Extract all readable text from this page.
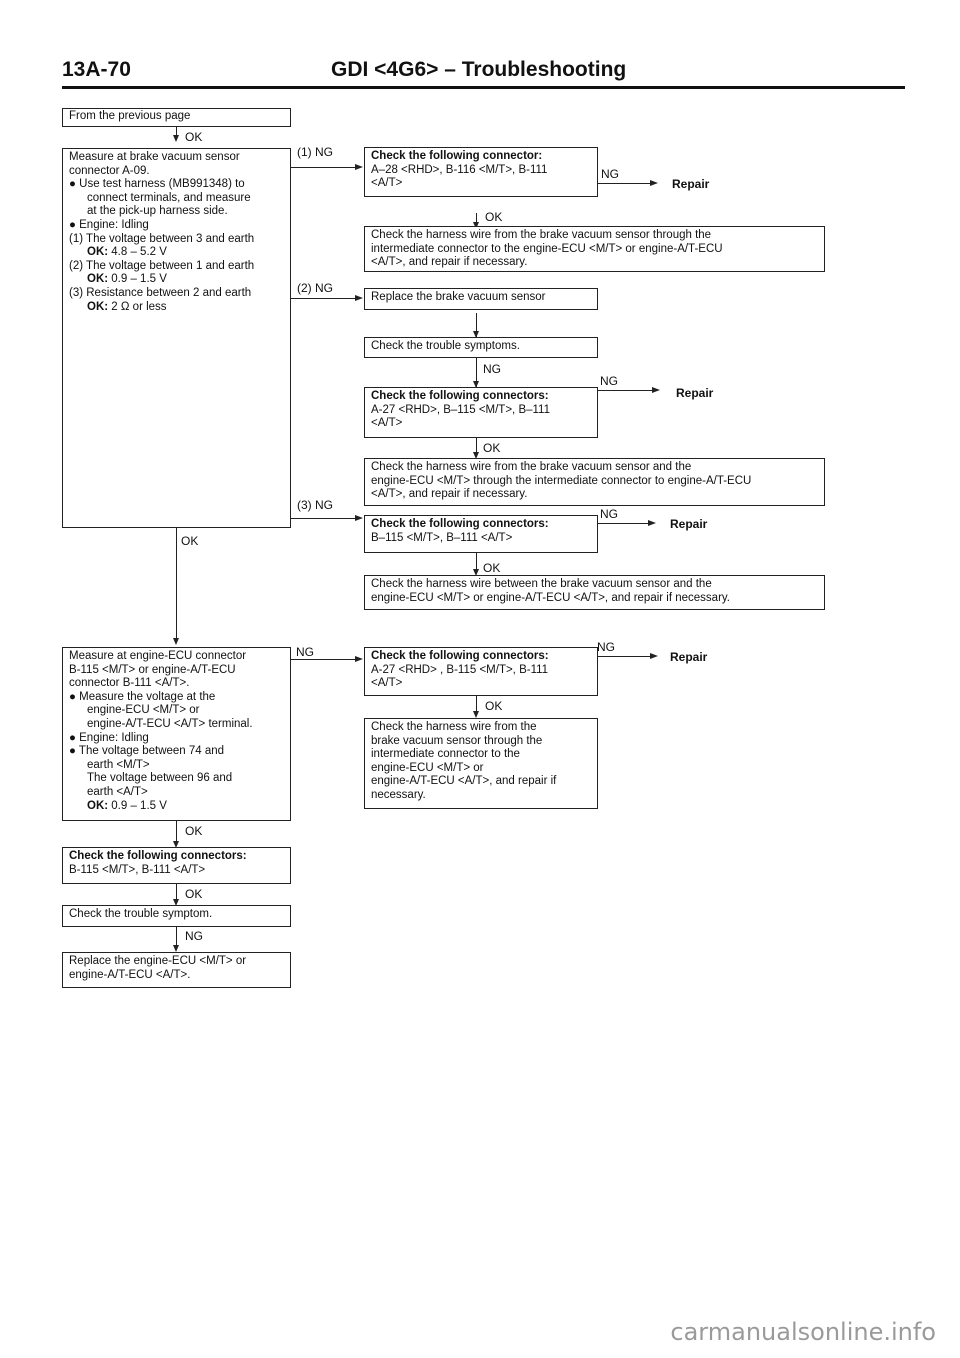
13A-70	GDI <4G6> – Troubleshooting
From the previous page
Measure at brake vacuum sensor
connector A-09.
● Use test harness (MB991348) to
connect terminals, and measure
at the pick-up harness side.
● Engine: Idling
(1) The voltage between 3 and earth
OK: 4.8 – 5.2 V
(2) The voltage between 1 and earth
OK: 0.9 – 1.5 V
(3) Resistance between 2 and earth
OK: 2 Ω or less
Check the following connector:
A–28 <RHD>, B-116 <M/T>, B-111
<A/T>
Check the harness wire from the brake vacuum sensor through the
intermediate connector to the engine-ECU <M/T> or engine-A/T-ECU
<A/T>, and repair if necessary.
Replace the brake vacuum sensor
Check the trouble symptoms.
Check the following connectors:
A-27 <RHD>, B–115 <M/T>, B–111
<A/T>
Check the harness wire from the brake vacuum sensor and the
engine-ECU <M/T> through the intermediate connector to engine-A/T-ECU
<A/T>, and repair if necessary.
Check the following connectors:
B–115 <M/T>, B–111 <A/T>
Check the harness wire between the brake vacuum sensor and the
engine-ECU <M/T> or engine-A/T-ECU <A/T>, and repair if necessary.
Measure at engine-ECU connector
B-115 <M/T> or engine-A/T-ECU
connector B-111 <A/T>.
● Measure the voltage at the
engine-ECU <M/T> or
engine-A/T-ECU <A/T> terminal.
● Engine: Idling
● The voltage between 74 and
earth <M/T>
The voltage between 96 and
earth <A/T>
OK: 0.9 – 1.5 V
Check the following connectors:
A-27 <RHD> , B-115 <M/T>, B-111
<A/T>
Check the harness wire from the
brake vacuum sensor through the
intermediate connector to the
engine-ECU <M/T> or
engine-A/T-ECU <A/T>, and repair if
necessary.
Check the following connectors:
B-115 <M/T>, B-111 <A/T>
Check the trouble symptom.
Replace the engine-ECU <M/T> or
engine-A/T-ECU <A/T>.
OK
(1) NG
(2) NG
(3) NG
OK
NG
OK
OK
NG
OK
NG
OK
OK
OK
NG
NG
NG
NG
Repair
Repair
Repair
Repair
carmanualsonline.info
